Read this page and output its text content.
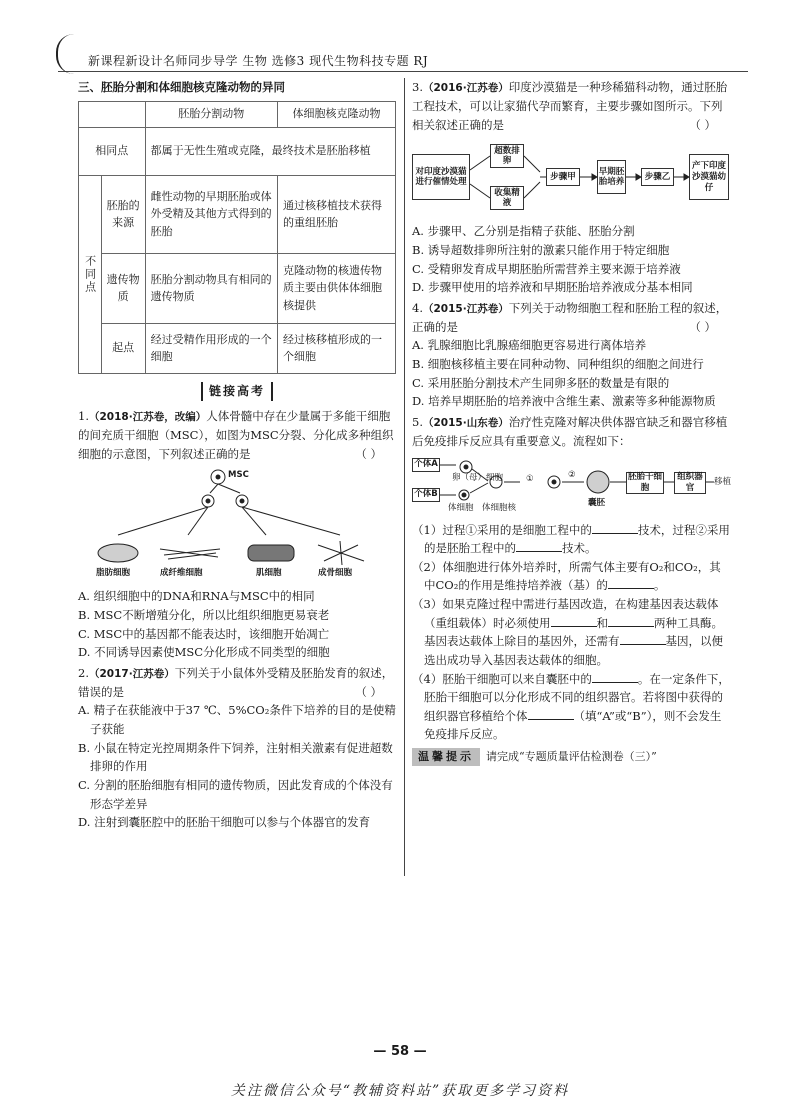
新课程新设计名师同步导学 生物 选修3 现代生物科技专题 RJ
三、胚胎分割和体细胞核克隆动物的异同
		胚胎分割动物	体细胞核克隆动物
相同点		都属于无性生殖或克隆，最终技术是胚胎移植	
不同点	胚胎的来源	雌性动物的早期胚胎或体外受精及其他方式得到的胚胎	通过核移植技术获得的重组胚胎
	遗传物质	胚胎分割动物具有相同的遗传物质	克隆动物的核遗传物质主要由供体体细胞核提供
	起点	经过受精作用形成的一个细胞	经过核移植形成的一个细胞
链接高考
1.（2018·江苏卷，改编）人体骨髓中存在少量属于多能干细胞的间充质干细胞（MSC），如图为MSC分裂、分化成多种组织细胞的示意图，下列叙述正确的是	（ ）
MSC
脂肪细胞	成纤维细胞	肌细胞	成骨细胞
A. 组织细胞中的DNA和RNA与MSC中的相同
B. MSC不断增殖分化，所以比组织细胞更易衰老
C. MSC中的基因都不能表达时，该细胞开始凋亡
D. 不同诱导因素使MSC分化形成不同类型的细胞
2.（2017·江苏卷）下列关于小鼠体外受精及胚胎发育的叙述，错误的是	（ ）
A. 精子在获能液中于37 ℃、5%CO₂条件下培养的目的是使精子获能
B. 小鼠在特定光控周期条件下饲养，注射相关激素有促进超数排卵的作用
C. 分割的胚胎细胞有相同的遗传物质，因此发育成的个体没有形态学差异
D. 注射到囊胚腔中的胚胎干细胞可以参与个体器官的发育
3.（2016·江苏卷）印度沙漠猫是一种珍稀猫科动物，通过胚胎工程技术，可以让家猫代孕而繁育，主要步骤如图所示。下列相关叙述正确的是	（ ）
对印度沙漠猫进行催情处理
超数排卵
收集精液
步骤甲
早期胚胎培养
步骤乙
产下印度沙漠猫幼仔
A. 步骤甲、乙分别是指精子获能、胚胎分割
B. 诱导超数排卵所注射的激素只能作用于特定细胞
C. 受精卵发育成早期胚胎所需营养主要来源于培养液
D. 步骤甲使用的培养液和早期胚胎培养液成分基本相同
4.（2015·江苏卷）下列关于动物细胞工程和胚胎工程的叙述，正确的是	（ ）
A. 乳腺细胞比乳腺癌细胞更容易进行离体培养
B. 细胞核移植主要在同种动物、同种组织的细胞之间进行
C. 采用胚胎分割技术产生同卵多胚的数量是有限的
D. 培养早期胚胎的培养液中含维生素、激素等多种能源物质
5.（2015·山东卷）治疗性克隆对解决供体器官缺乏和器官移植后免疫排斥反应具有重要意义。流程如下：
个体A
个体B
卵（母）细胞
体细胞 体细胞核
①	②
囊胚
胚胎干细胞
组织器官
移植
（1）过程①采用的是细胞工程中的	技术，过程②采用的是胚胎工程中的	技术。
（2）体细胞进行体外培养时，所需气体主要有O₂和CO₂，其中CO₂的作用是维持培养液（基）的	。
（3）如果克隆过程中需进行基因改造，在构建基因表达载体（重组载体）时必须使用	和	两种工具酶。基因表达载体上除目的基因外，还需有	基因，以便选出成功导入基因表达载体的细胞。
（4）胚胎干细胞可以来自囊胚中的	。在一定条件下，胚胎干细胞可以分化形成不同的组织器官。若将图中获得的组织器官移植给个体	（填“A”或“B”），则不会发生免疫排斥反应。
温馨提示	请完成“专题质量评估检测卷（三）”
— 58 —
关注微信公众号“教辅资料站”获取更多学习资料
